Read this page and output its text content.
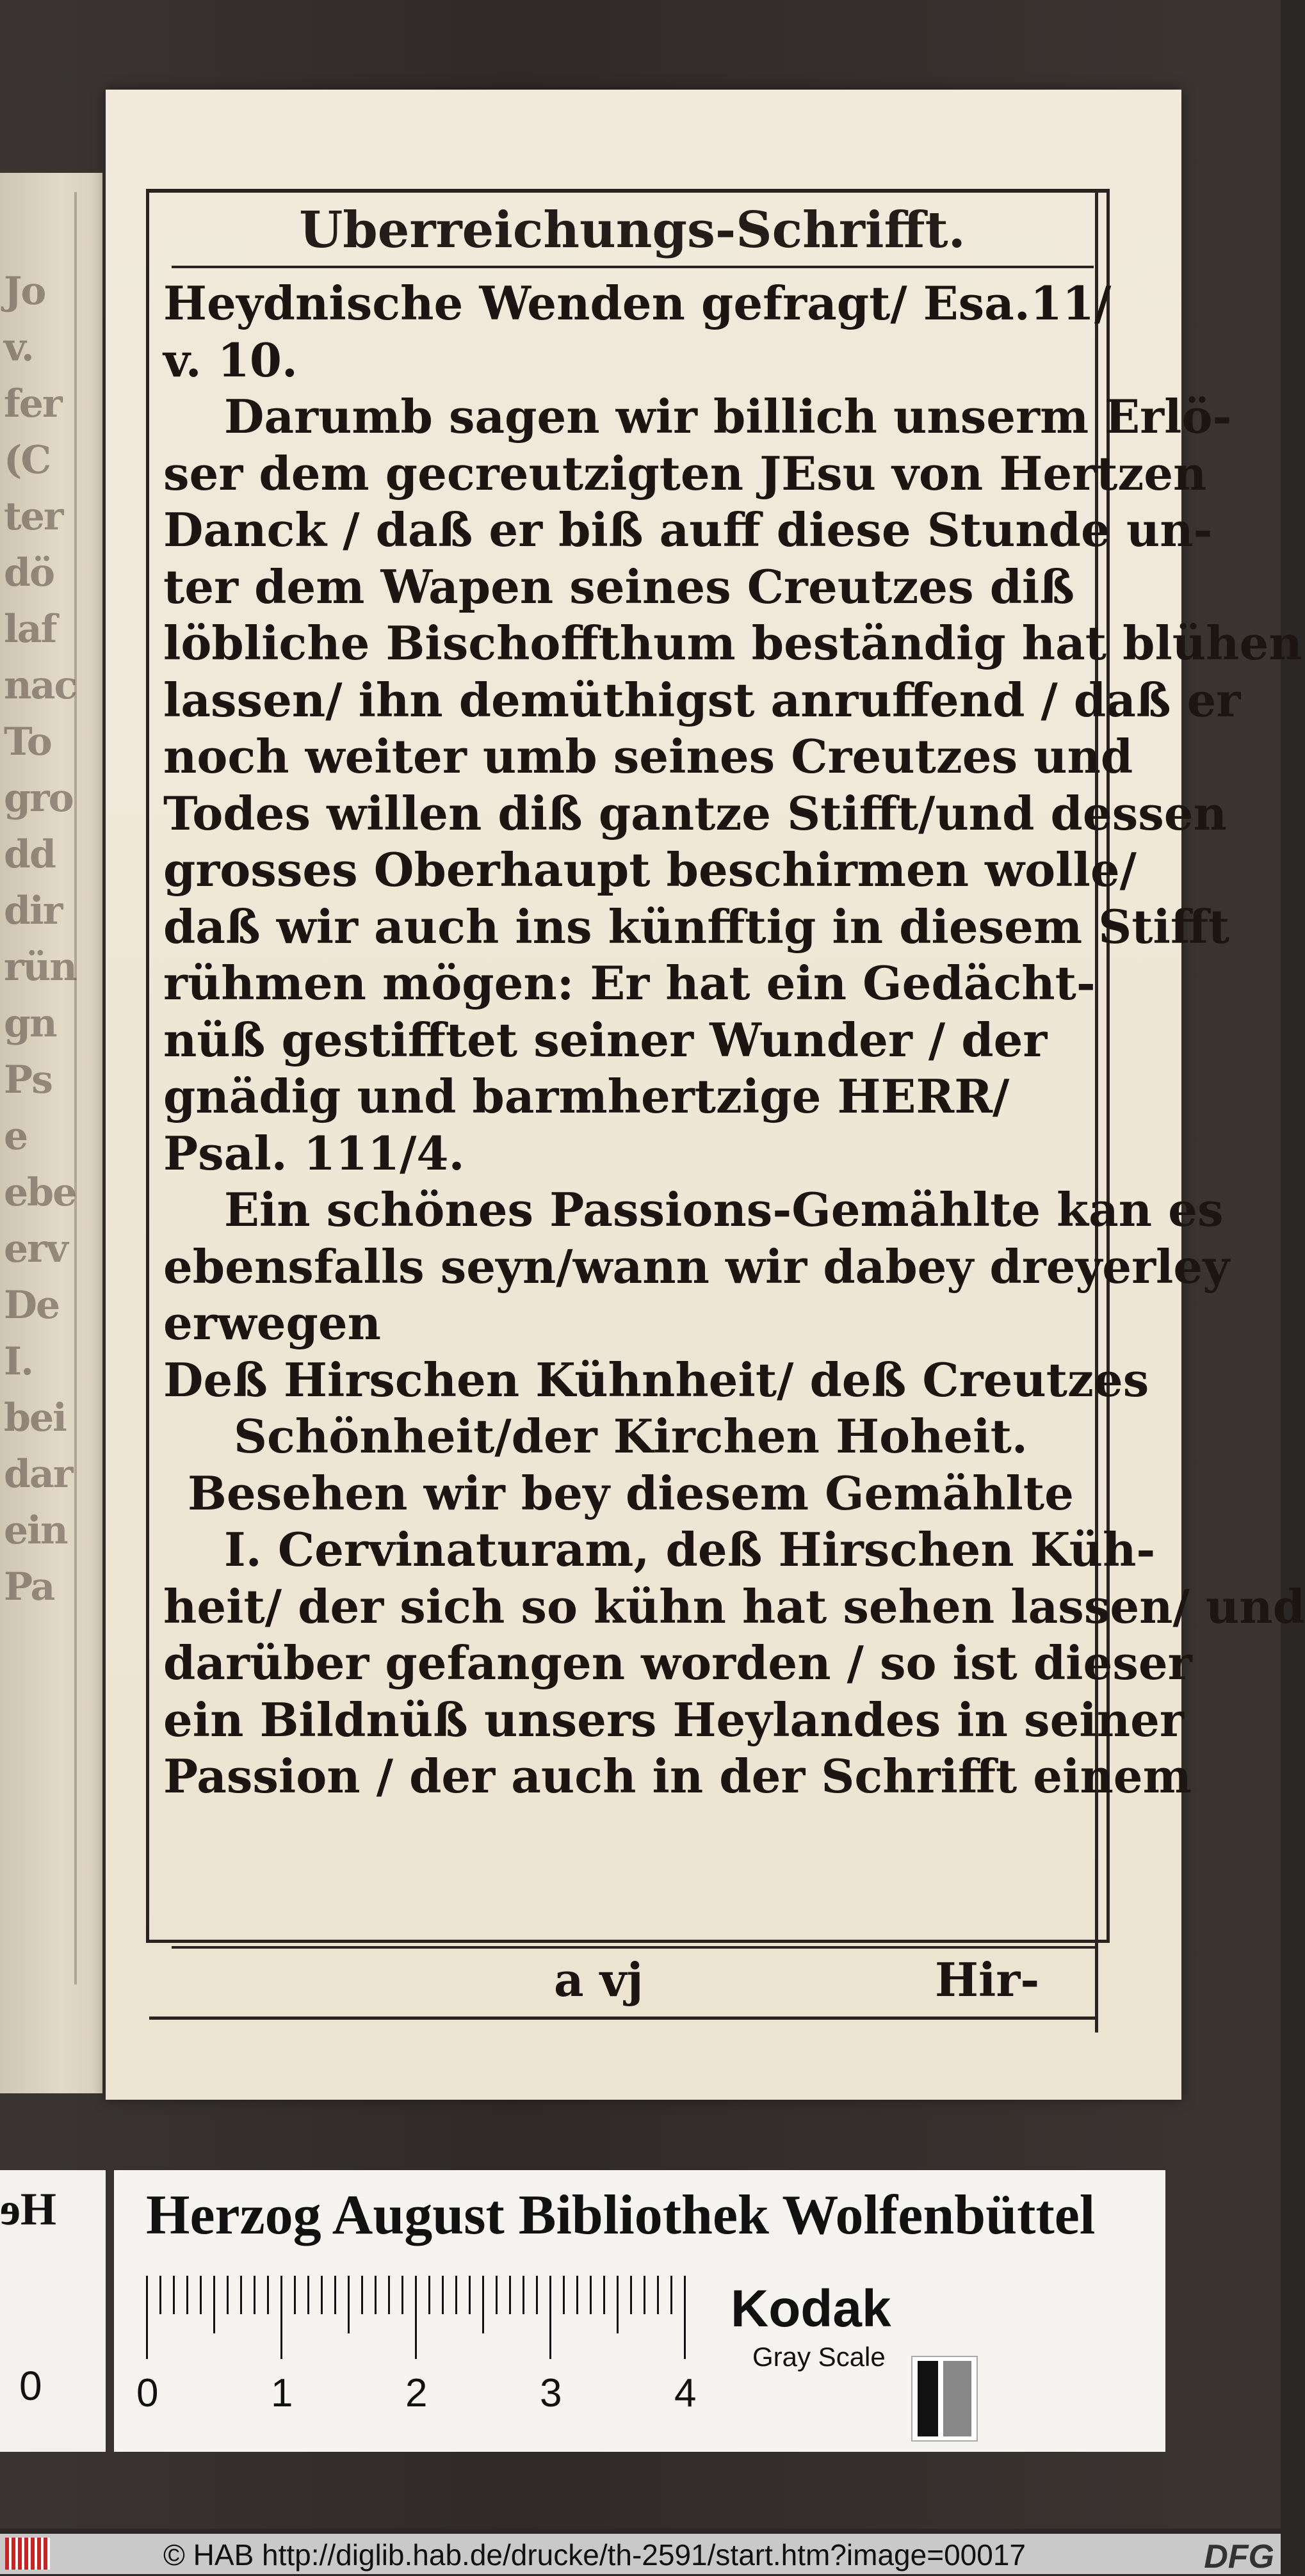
Jo
v.
fer
(C
ter
dö
laf
nac
To
gro
dd
dir
rün
gn
Ps
e
ebe
erv
De
I.
bei
dar
ein
Pa
Uberreichungs-Schrifft.
Heydnische Wenden gefragt/ Esa.11/
v. 10.
Darumb sagen wir billich unserm Erlö-
ser dem gecreutzigten JEsu von Hertzen
Danck / daß er biß auff diese Stunde un-
ter dem Wapen seines Creutzes diß
löbliche Bischoffthum beständig hat blühen
lassen/ ihn demüthigst anruffend / daß er
noch weiter umb seines Creutzes und
Todes willen diß gantze Stifft/und dessen
grosses Oberhaupt beschirmen wolle/
daß wir auch ins künfftig in diesem Stifft
rühmen mögen: Er hat ein Gedächt-
nüß gestifftet seiner Wunder / der
gnädig und barmhertzige HERR/
Psal. 111/4.
Ein schönes Passions-Gemählte kan es
ebensfalls seyn/wann wir dabey dreyerley
erwegen
Deß Hirschen Kühnheit/ deß Creutzes
Schönheit/der Kirchen Hoheit.
Besehen wir bey diesem Gemählte
I. Cervinaturam, deß Hirschen Küh-
heit/ der sich so kühn hat sehen lassen/ und
darüber gefangen worden / so ist dieser
ein Bildnüß unsers Heylandes in seiner
Passion / der auch in der Schrifft einem
a vj	Hir-
He
0
Herzog August Bibliothek Wolfenbüttel
0	1	2	3	4
Kodak
Gray Scale
© HAB http://diglib.hab.de/drucke/th-2591/start.htm?image=00017	DFG
